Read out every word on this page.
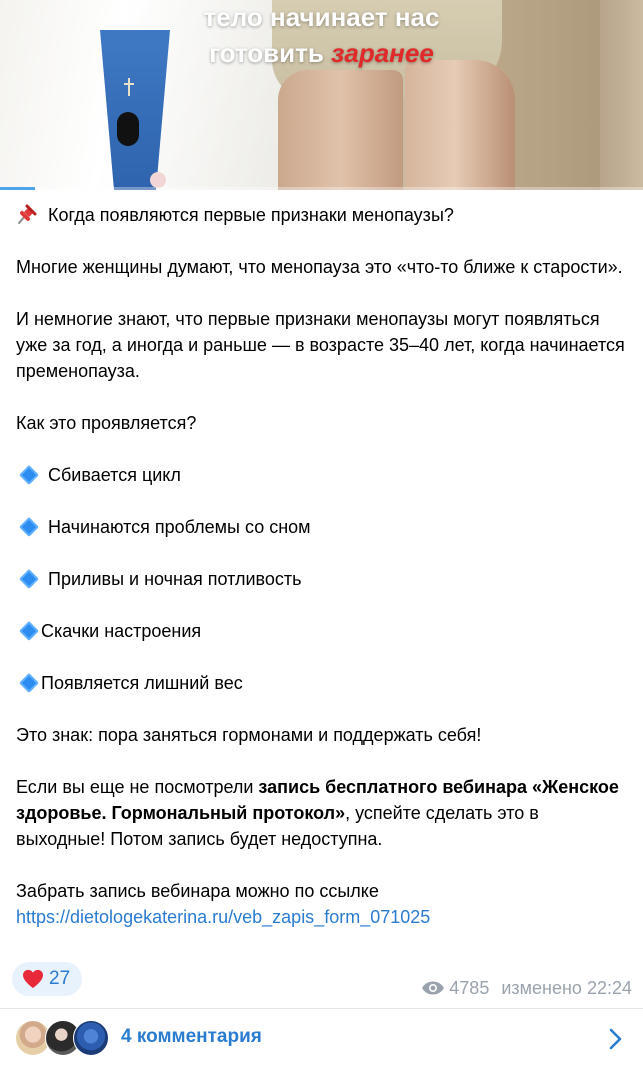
тело начинает нас
готовить заранее

Когда появляются первые признаки менопаузы?

Многие женщины думают, что менопауза это «что-то ближе к старости».

И немногие знают, что первые признаки менопаузы могут появляться уже за год, а иногда и раньше — в возрасте 35–40 лет, когда начинается пременопауза.

Как это проявляется?

Сбивается цикл

Начинаются проблемы со сном

Приливы и ночная потливость

Скачки настроения

Появляется лишний вес

Это знак: пора заняться гормонами и поддержать себя!

Если вы еще не посмотрели запись бесплатного вебинара «Женское здоровье. Гормональный протокол», успейте сделать это в выходные! Потом запись будет недоступна.

Забрать запись вебинара можно по ссылке

https://dietologekaterina.ru/veb_zapis_form_071025

27	4785 изменено 22:24
4 комментария
